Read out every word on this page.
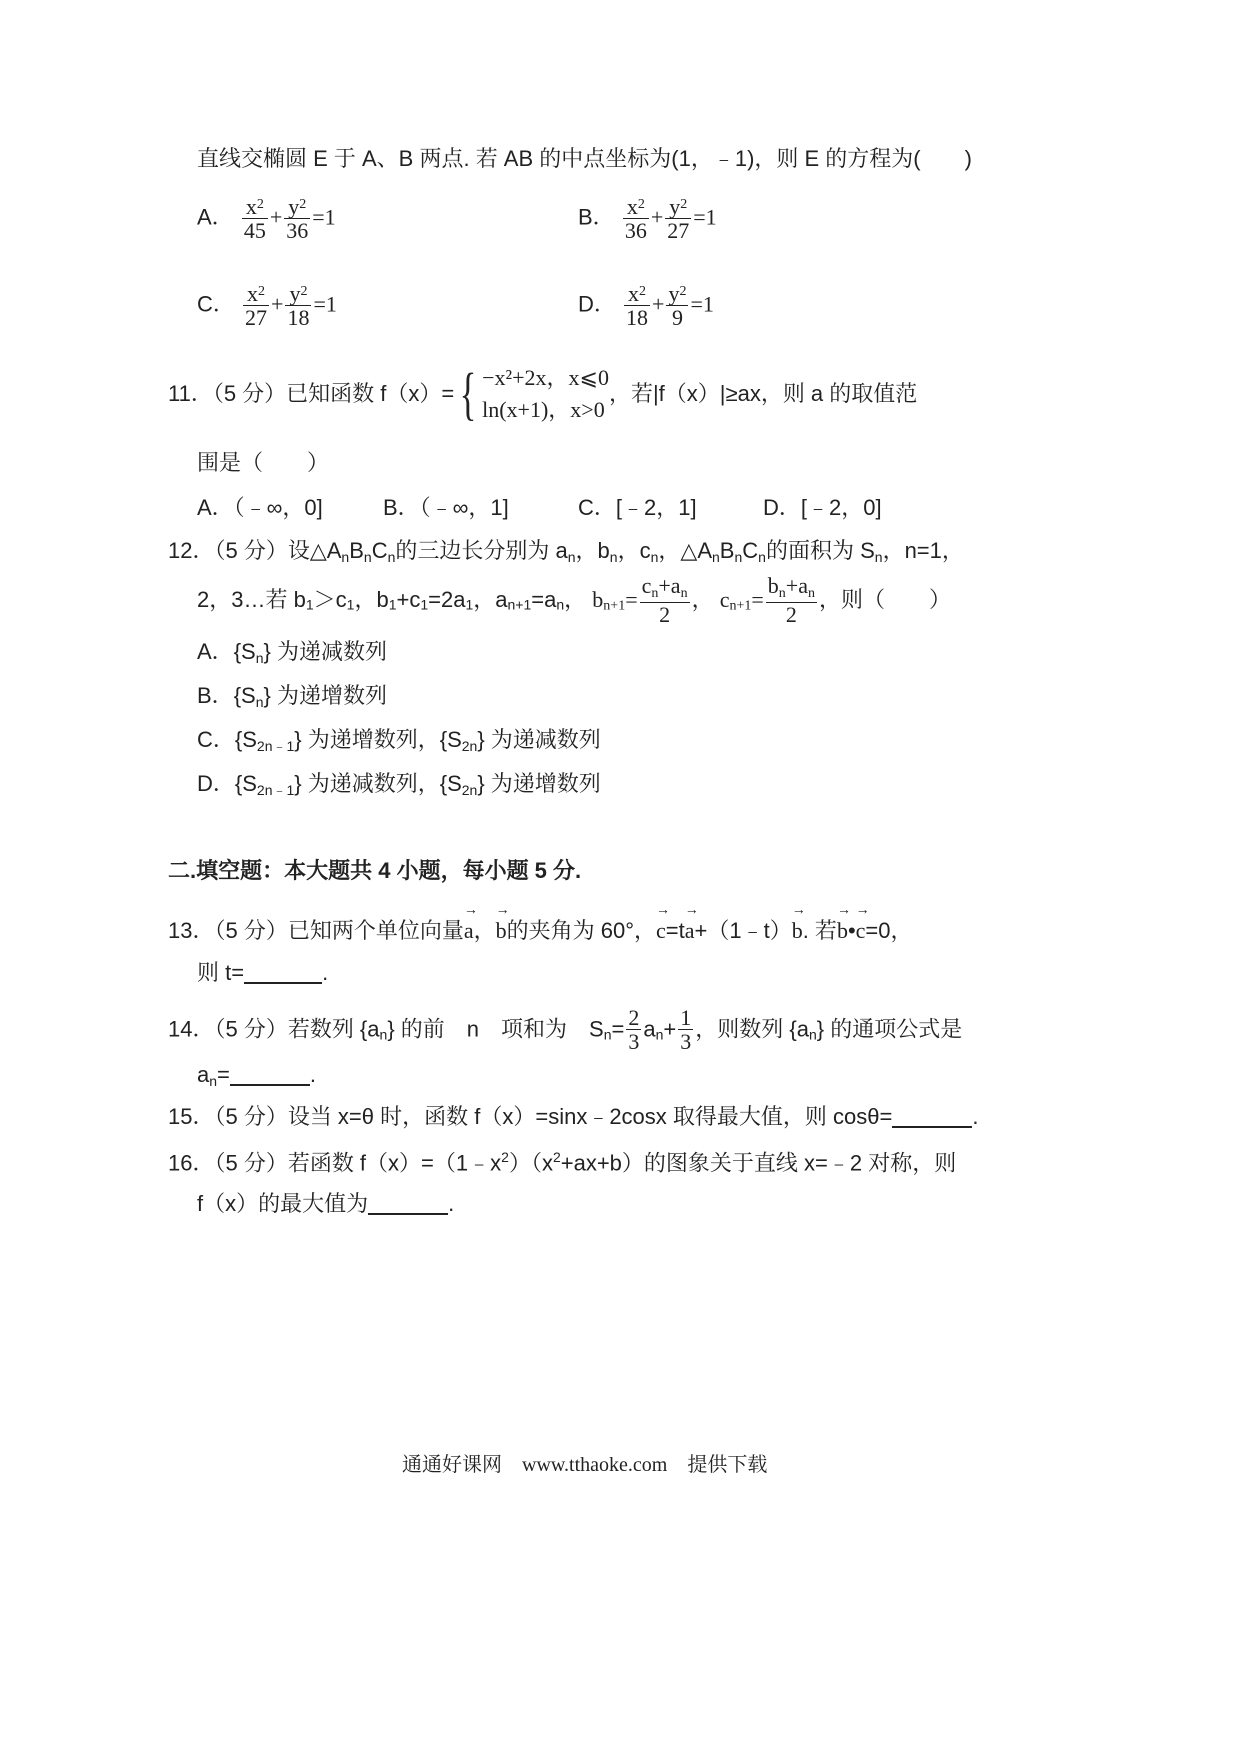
直线交椭圆 E 于 A、B 两点. 若 AB 的中点坐标为(1，﹣1)，则 E 的方程为(　　)
A． $\frac{x^2}{45} + \frac{y^2}{36} =1$	B． $\frac{x^2}{36} + \frac{y^2}{27} =1$
C． $\frac{x^2}{27} + \frac{y^2}{18} =1$	D． $\frac{x^2}{18} + \frac{y^2}{9} =1$
11．（5 分）已知函数 f（x）={ −x²+2x，x⩽0
ln(x+1)，x>0
，若|f（x）|≥ax，则 a 的取值范
围是（　　）
A．（﹣∞，0]	B．（﹣∞，1]	C．[﹣2，1]	D．[﹣2，0]
12．（5 分）设$\triangle A_nB_nC_n$的三边长分别为 $a_n$，$b_n$，$c_n$，$\triangle A_nB_nC_n$的面积为 $S_n$，n=1，
2，3…若 $b_1>c_1$，$b_1+c_1=2a_1$，$a_{n+1}=a_n$， $b_{n+1}= \frac{c_n+a_n}{2}$ ， $c_{n+1}= \frac{b_n+a_n}{2}$ ，则（　　）
A．$\{S_n\}$ 为递减数列
B．$\{S_n\}$ 为递增数列
C．$\{S_{2n﹣1}\}$ 为递增数列，$\{S_{2n}\}$ 为递减数列
D．$\{S_{2n﹣1}\}$ 为递减数列，$\{S_{2n}\}$ 为递增数列
二.填空题：本大题共 4 小题，每小题 5 分.
13．（5 分）已知两个单位向量→ a，→ b的夹角为 60°，→ c=t→ a+（1﹣t）→ b. 若→ b•→ c=0，
则 t=	.
14．（5 分）若数列 $\{a_n\}$ 的前　n　项和为　$S_n= \frac{2}{3} a_n+ \frac{1}{3}$ ，则数列 $\{a_n\}$ 的通项公式是
$a_n=$	.
15．（5 分）设当 x=θ 时，函数 f（x）=sinx﹣2cosx 取得最大值，则 cosθ=	.
16．（5 分）若函数 $f(x)=(1﹣x^2)(x^2+ax+b)$的图象关于直线 x=﹣2 对称，则
f（x）的最大值为	.
通通好课网　www.tthaoke.com　提供下载
